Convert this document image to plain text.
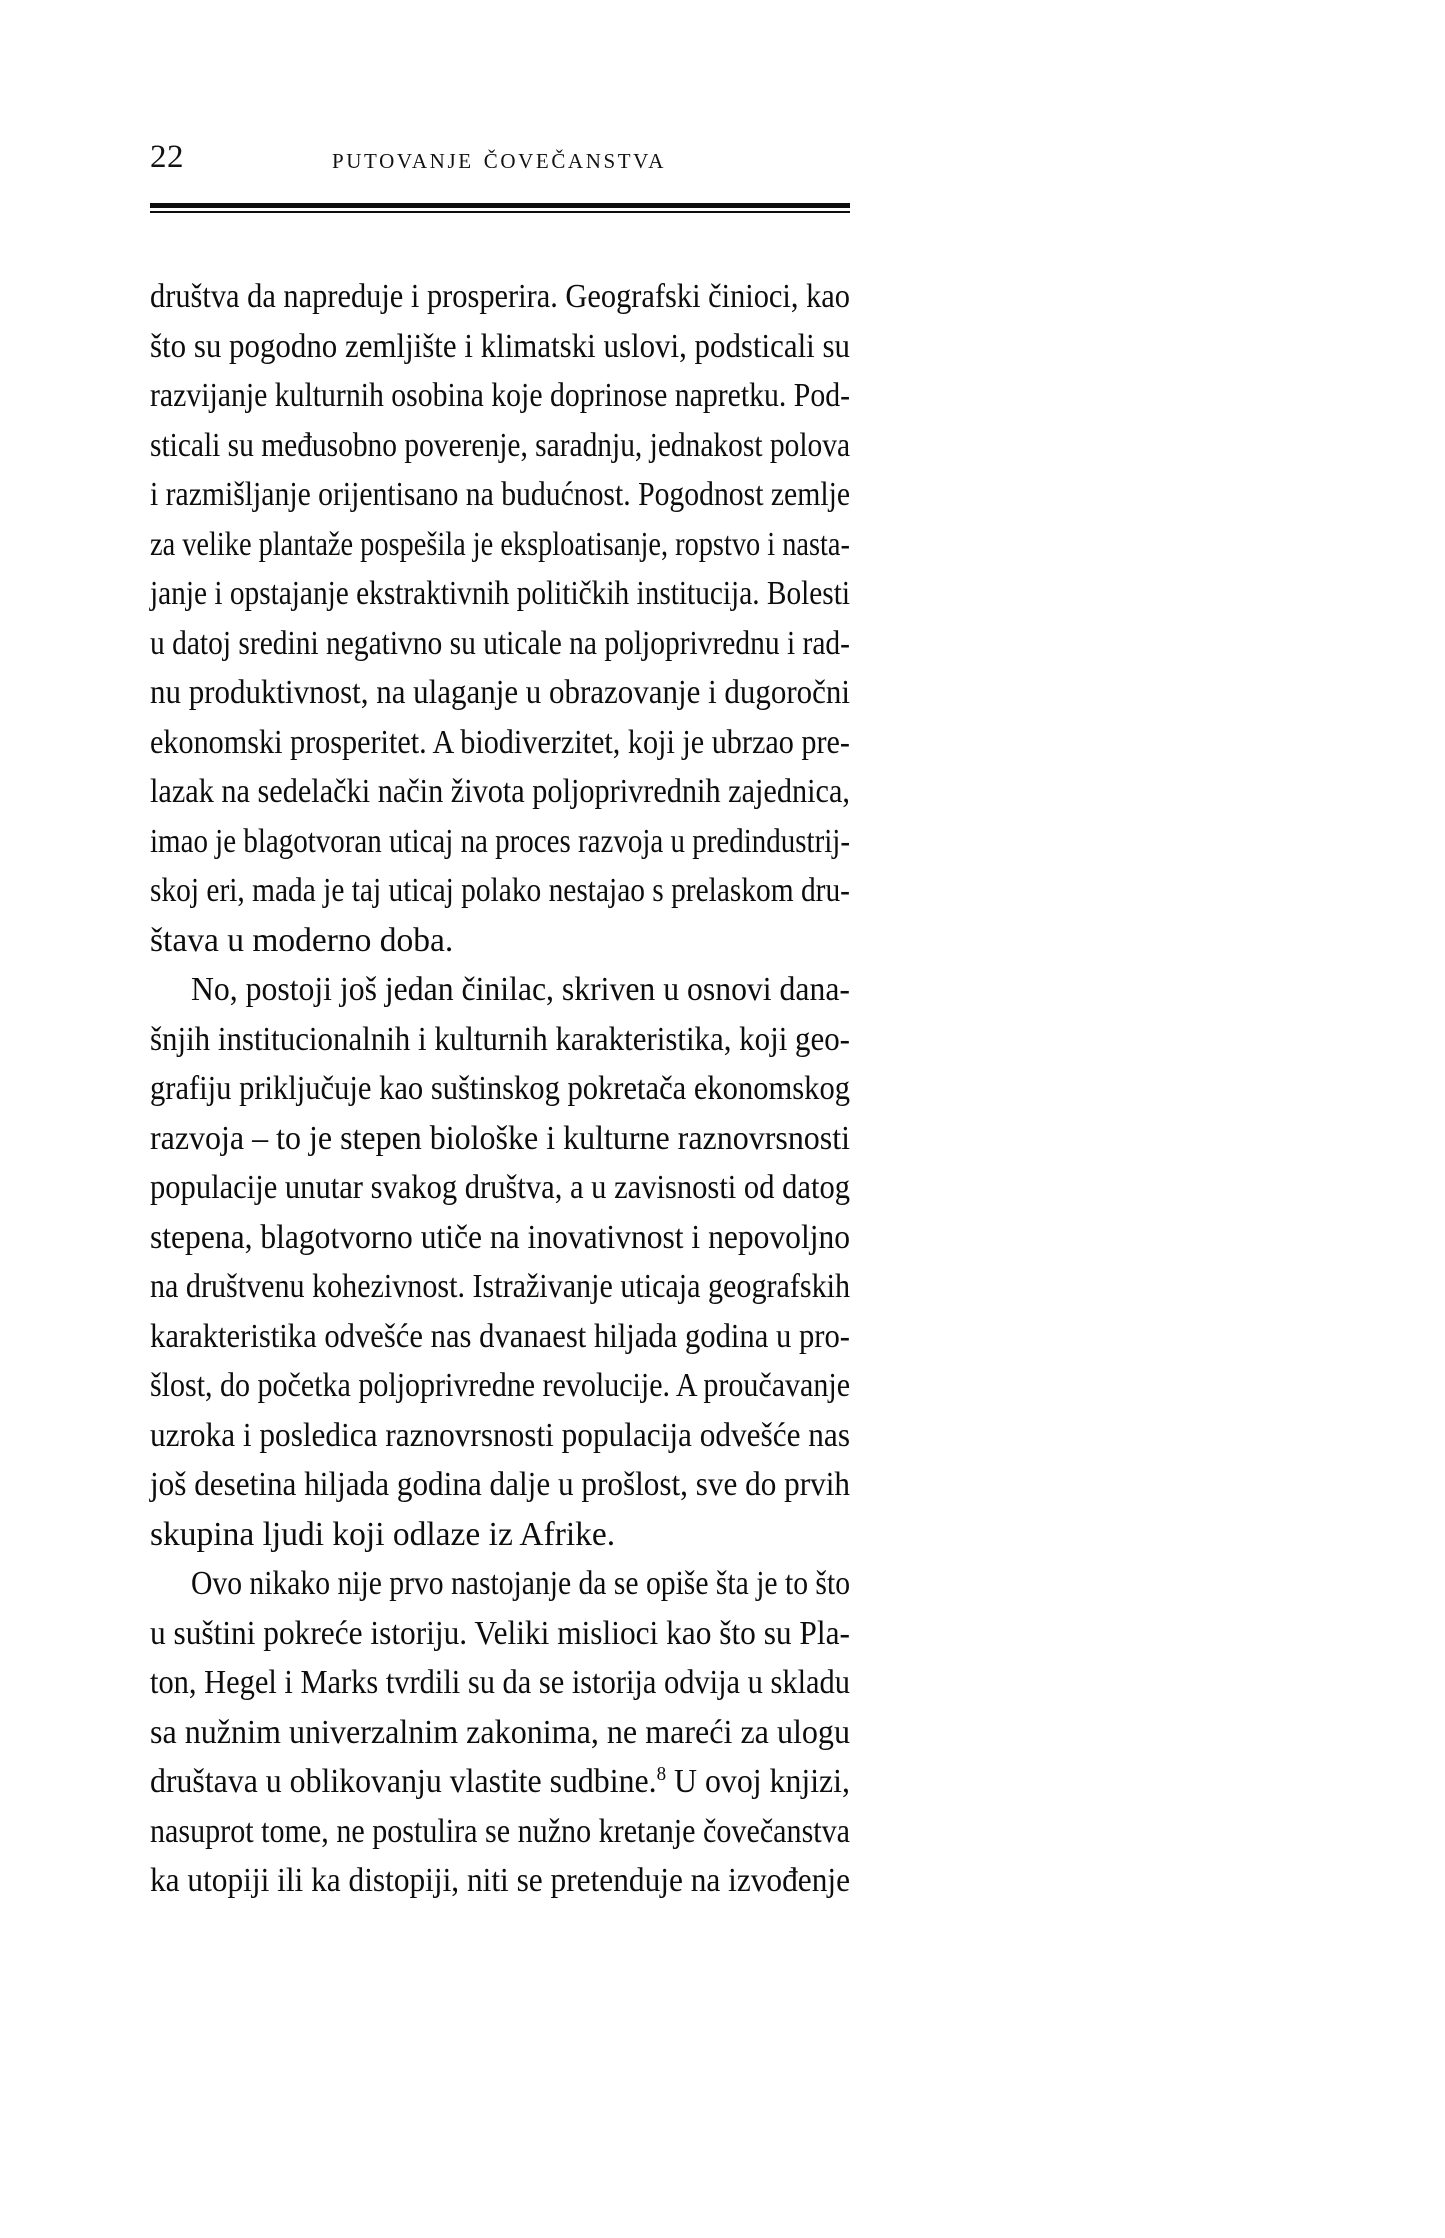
22	putovanje čovečanstva
društva da napreduje i prosperira. Geografski činioci, kao
što su pogodno zemljište i klimatski uslovi, podsticali su
razvijanje kulturnih osobina koje doprinose napretku. Pod-
sticali su međusobno poverenje, saradnju, jednakost polova
i razmišljanje orijentisano na budućnost. Pogodnost zemlje
za velike plantaže pospešila je eksploatisanje, ropstvo i nasta-
janje i opstajanje ekstraktivnih političkih institucija. Bolesti
u datoj sredini negativno su uticale na poljoprivrednu i rad-
nu produktivnost, na ulaganje u obrazovanje i dugoročni
ekonomski prosperitet. A biodiverzitet, koji je ubrzao pre-
lazak na sedelački način života poljoprivrednih zajednica,
imao je blagotvoran uticaj na proces razvoja u predindustrij-
skoj eri, mada je taj uticaj polako nestajao s prelaskom dru-
štava u moderno doba.
No, postoji još jedan činilac, skriven u osnovi dana-
šnjih institucionalnih i kulturnih karakteristika, koji geo-
grafiju priključuje kao suštinskog pokretača ekonomskog
razvoja – to je stepen biološke i kulturne raznovrsnosti
populacije unutar svakog društva, a u zavisnosti od datog
stepena, blagotvorno utiče na inovativnost i nepovoljno
na društvenu kohezivnost. Istraživanje uticaja geografskih
karakteristika odvešće nas dvanaest hiljada godina u pro-
šlost, do početka poljoprivredne revolucije. A proučavanje
uzroka i posledica raznovrsnosti populacija odvešće nas
još desetina hiljada godina dalje u prošlost, sve do prvih
skupina ljudi koji odlaze iz Afrike.
Ovo nikako nije prvo nastojanje da se opiše šta je to što
u suštini pokreće istoriju. Veliki mislioci kao što su Pla-
ton, Hegel i Marks tvrdili su da se istorija odvija u skladu
sa nužnim univerzalnim zakonima, ne mareći za ulogu
društava u oblikovanju vlastite sudbine.$^8$ U ovoj knjizi,
nasuprot tome, ne postulira se nužno kretanje čovečanstva
ka utopiji ili ka distopiji, niti se pretenduje na izvođenje
